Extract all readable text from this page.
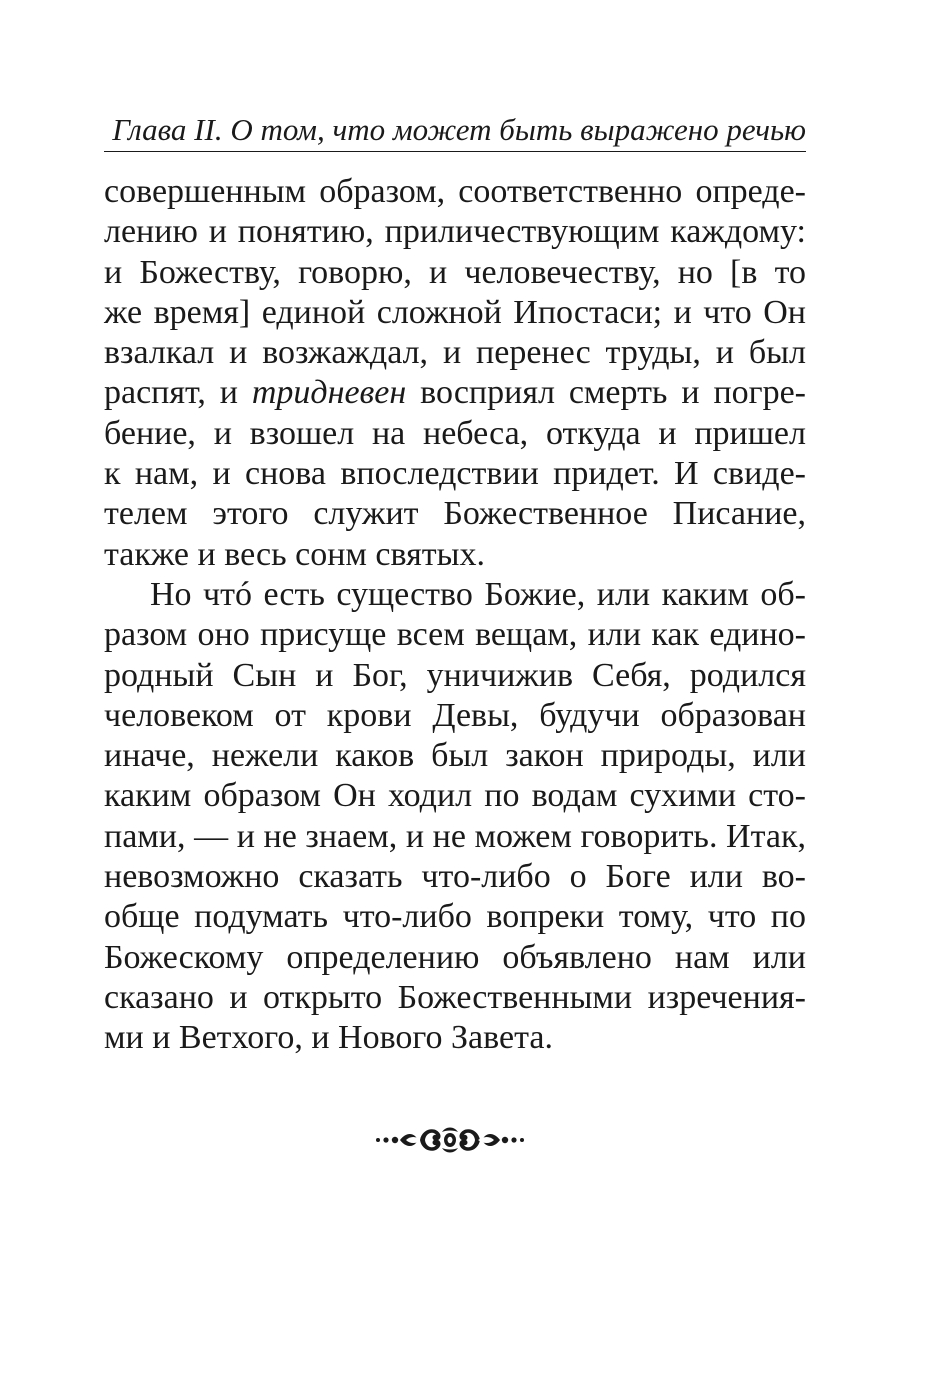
Глава II. О том, что может быть выражено речью
совершенным образом, соответственно опреде-
лению и понятию, приличествующим каждому:
и Божеству, говорю, и человечеству, но [в то
же время] единой сложной Ипостаси; и что Он
взалкал и возжаждал, и перенес труды, и был
распят, и тридневен восприял смерть и погре-
бение, и взошел на небеса, откуда и пришел
к нам, и снова впоследствии придет. И свиде-
телем этого служит Божественное Писание,
также и весь сонм святых.
Но чтó есть существо Божие, или каким об-
разом оно присуще всем вещам, или как едино-
родный Сын и Бог, уничижив Себя, родился
человеком от крови Девы, будучи образован
иначе, нежели каков был закон природы, или
каким образом Он ходил по водам сухими сто-
пами, — и не знаем, и не можем говорить. Итак,
невозможно сказать что-либо о Боге или во-
обще подумать что-либо вопреки тому, что по
Божескому определению объявлено нам или
сказано и открыто Божественными изречения-
ми и Ветхого, и Нового Завета.
